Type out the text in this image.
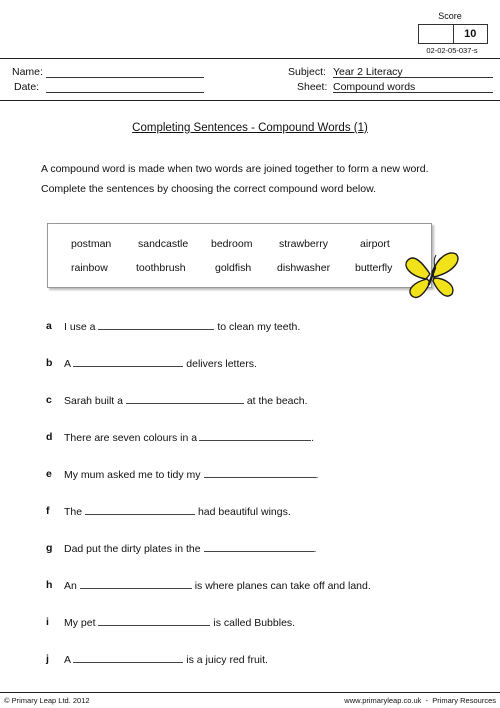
Score
10
02-02-05-037-s
Name:
Date:
Subject: Year 2 Literacy
Sheet: Compound words
Completing Sentences - Compound Words (1)
A compound word is made when two words are joined together to form a new word.
Complete the sentences by choosing the correct compound word below.
postman	sandcastle bedroom	strawberry	airport
rainbow	toothbrush	goldfish dishwasher butterfly
a I use a	to clean my teeth.
b A	delivers letters.
c Sarah built a	at the beach.
d There are seven colours in a	.
e My mum asked me to tidy my	.
f The	had beautiful wings.
g Dad put the dirty plates in the	.
h An	is where planes can take off and land.
i My pet	is called Bubbles.
j A	is a juicy red fruit.
© Primary Leap Ltd. 2012	www.primaryleap.co.uk  -  Primary Resources
